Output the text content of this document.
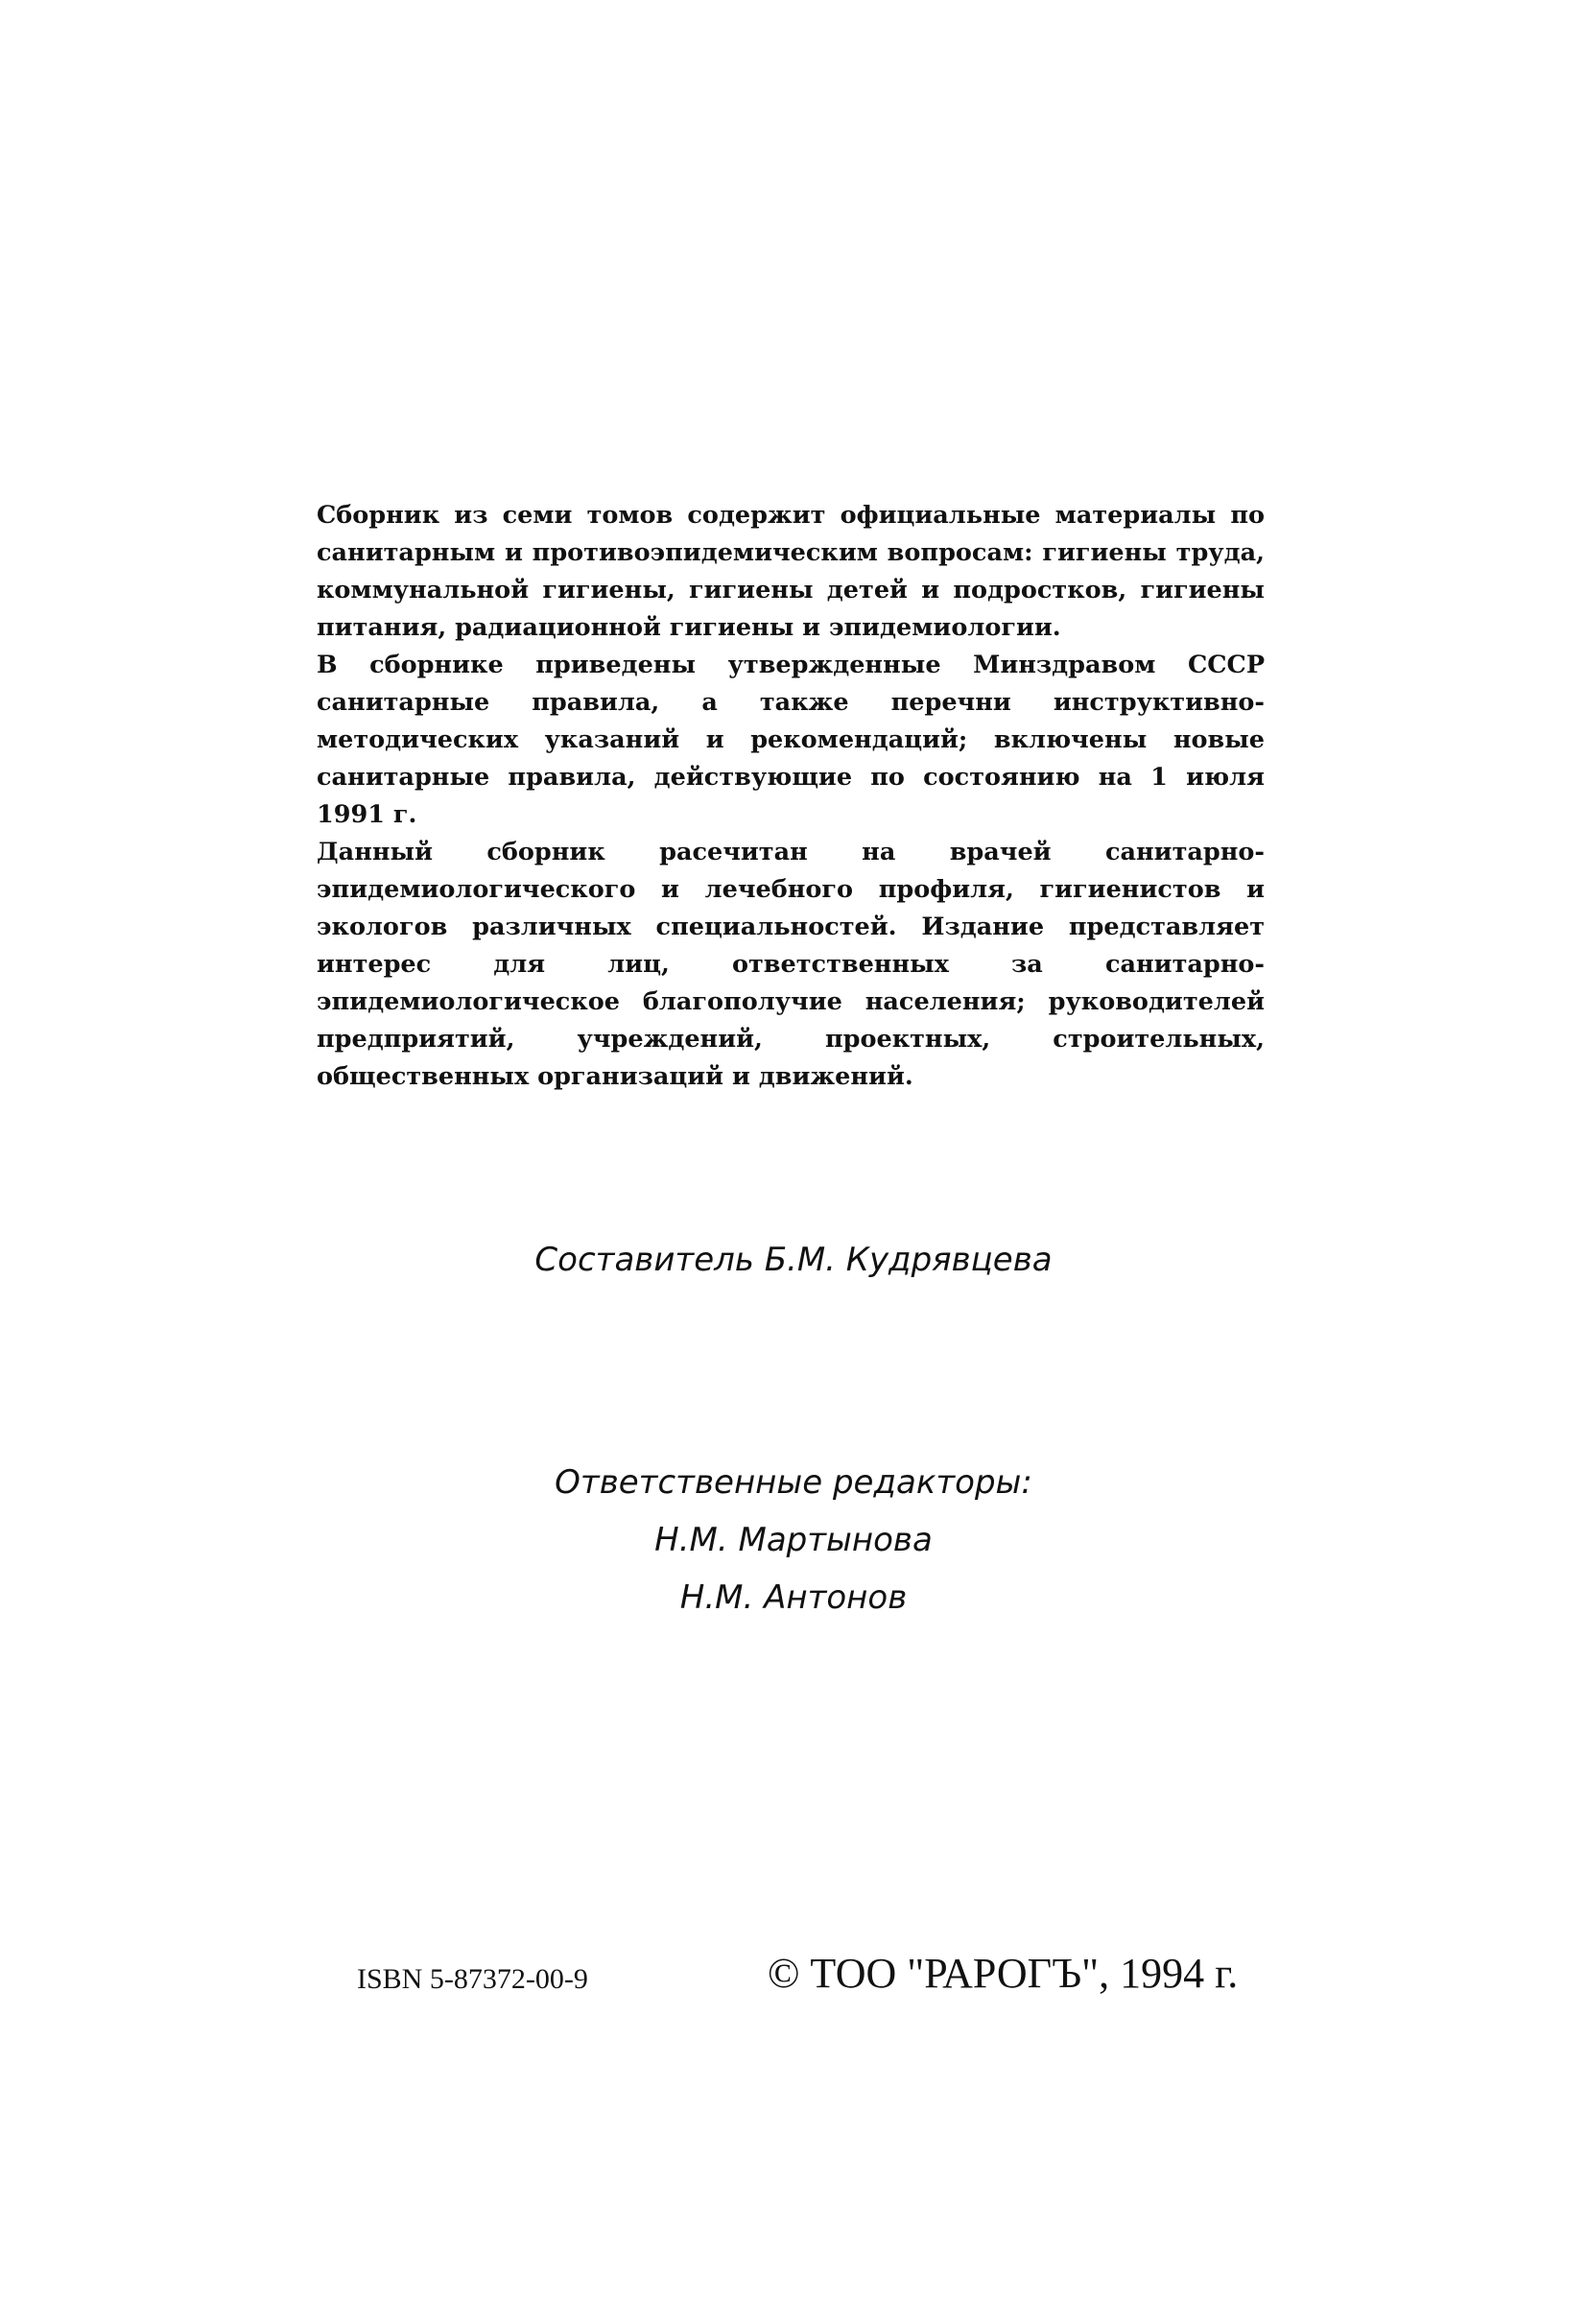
Сборник из семи томов содержит официальные материалы по санитарным и противоэпидемическим вопросам: гигиены труда, коммунальной гигиены, гигиены детей и подростков, гигиены питания, радиационной гигиены и эпидемиологии.

В сборнике приведены утвержденные Минздравом СССР санитарные правила, а также перечни инструктивно-методических указаний и рекомендаций; включены новые санитарные правила, действующие по состоянию на 1 июля 1991 г.

Данный сборник расечитан на врачей санитарно-эпидемиологического и лечебного профиля, гигиенистов и экологов различных специальностей. Издание представляет интерес для лиц, ответственных за санитарно-эпидемиологическое благополучие населения; руководителей предприятий, учреждений, проектных, строительных, общественных организаций и движений.

Составитель Б.М. Кудрявцева
Ответственные редакторы:
Н.М. Мартынова
Н.М. Антонов
ISBN 5-87372-00-9	© ТОО "РАРОГЪ", 1994 г.
